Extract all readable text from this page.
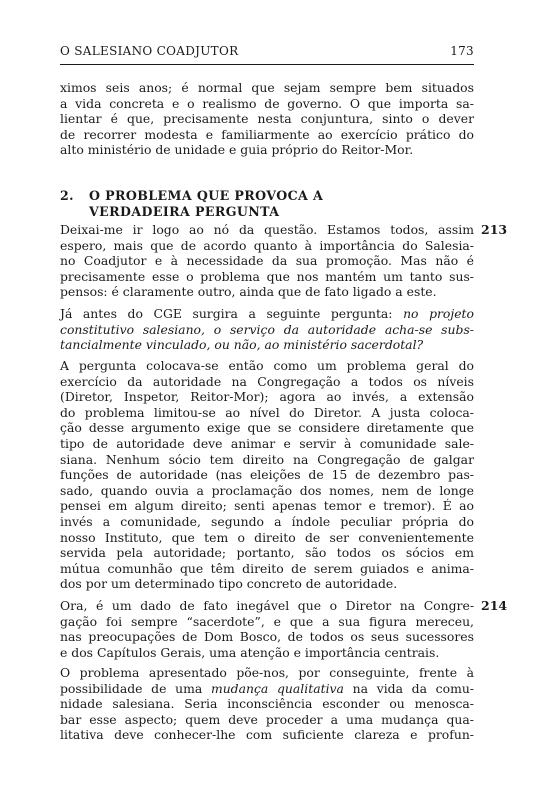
O SALESIANO COADJUTOR	173

ximos seis anos; é normal que sejam sempre bem situados
a vida concreta e o realismo de governo. O que importa sa-
lientar é que, precisamente nesta conjuntura, sinto o dever
de recorrer modesta e familiarmente ao exercício prático do
alto ministério de unidade e guia próprio do Reitor-Mor.

2. O PROBLEMA QUE PROVOCA A
VERDADEIRA PERGUNTA
213

Deixai-me ir logo ao nó da questão. Estamos todos, assim
espero, mais que de acordo quanto à importância do Salesia-
no Coadjutor e à necessidade da sua promoção. Mas não é
precisamente esse o problema que nos mantém um tanto sus-
pensos: é claramente outro, ainda que de fato ligado a este.

Já antes do CGE surgira a seguinte pergunta: no projeto
constitutivo salesiano, o serviço da autoridade acha-se subs-
tancialmente vinculado, ou não, ao ministério sacerdotal?

A pergunta colocava-se então como um problema geral do
exercício da autoridade na Congregação a todos os níveis
(Diretor, Inspetor, Reitor-Mor); agora ao invés, a extensão
do problema limitou-se ao nível do Diretor. A justa coloca-
ção desse argumento exige que se considere diretamente que
tipo de autoridade deve animar e servir à comunidade sale-
siana. Nenhum sócio tem direito na Congregação de galgar
funções de autoridade (nas eleições de 15 de dezembro pas-
sado, quando ouvia a proclamação dos nomes, nem de longe
pensei em algum direito; senti apenas temor e tremor). É ao
invés a comunidade, segundo a índole peculiar própria do
nosso Instituto, que tem o direito de ser convenientemente
servida pela autoridade; portanto, são todos os sócios em
mútua comunhão que têm direito de serem guiados e anima-
dos por um determinado tipo concreto de autoridade.

214

Ora, é um dado de fato inegável que o Diretor na Congre-
gação foi sempre “sacerdote”, e que a sua figura mereceu,
nas preocupações de Dom Bosco, de todos os seus sucessores
e dos Capítulos Gerais, uma atenção e importância centrais.

O problema apresentado põe-nos, por conseguinte, frente à
possibilidade de uma mudança qualitativa na vida da comu-
nidade salesiana. Seria inconsciência esconder ou menosca-
bar esse aspecto; quem deve proceder a uma mudança qua-
litativa deve conhecer-lhe com suficiente clareza e profun-
